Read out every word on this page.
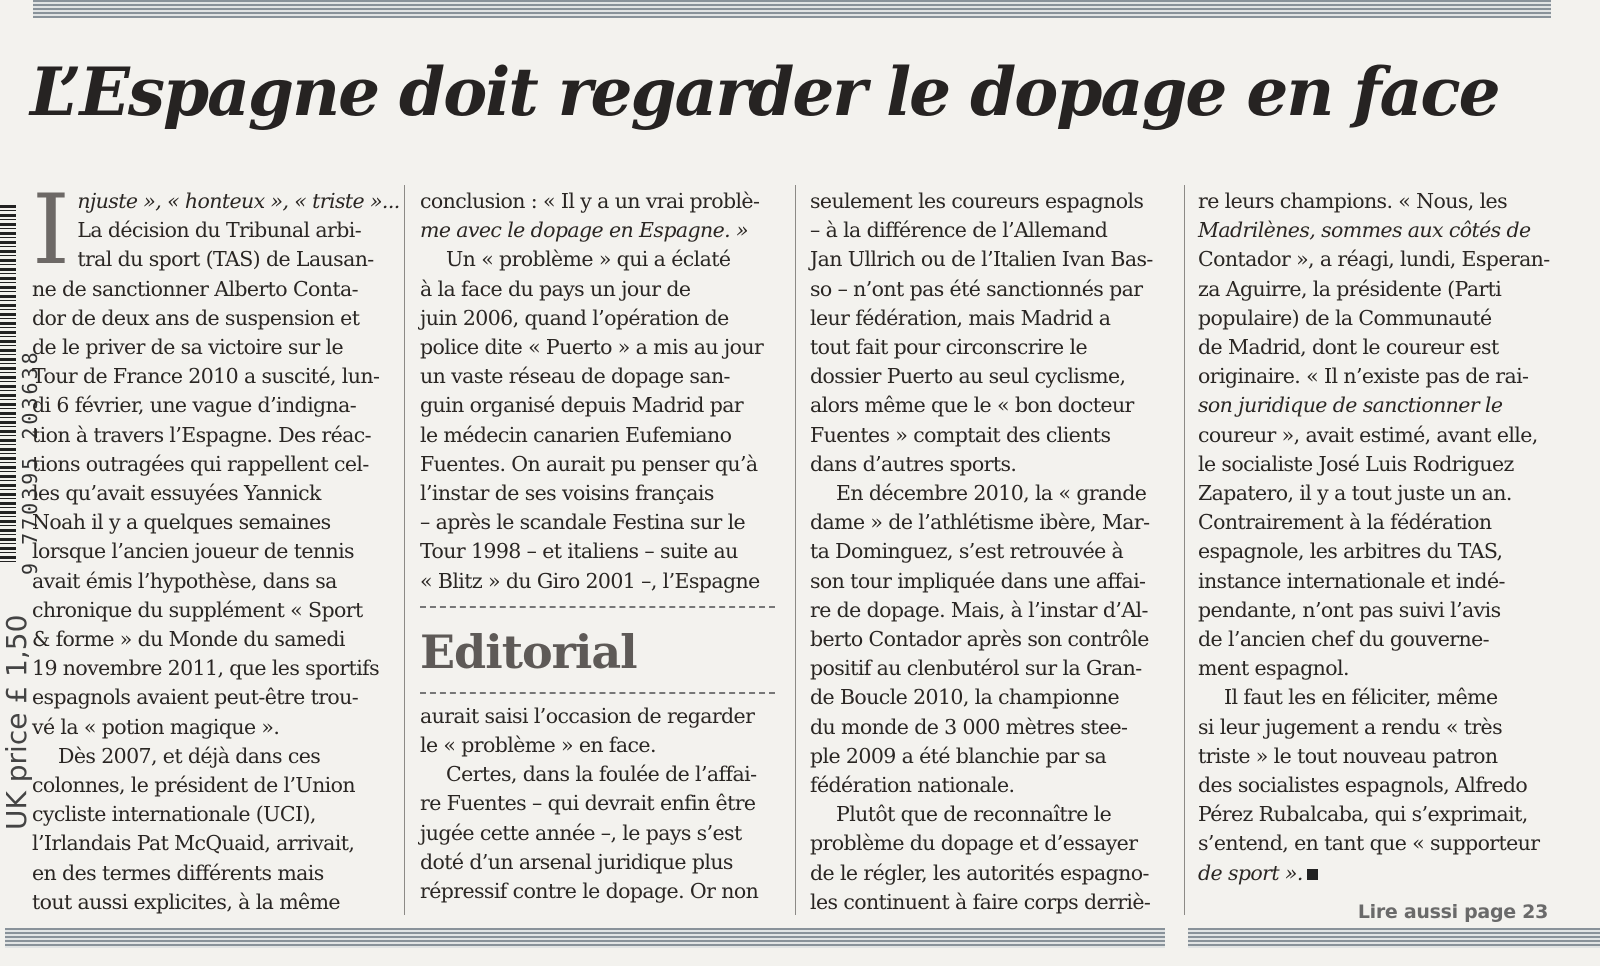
L’Espagne doit regarder le dopage en face
9 770395 203638
UK price £ 1,50

I njuste », « honteux », « triste »...
La décision du Tribunal arbi-
tral du sport (TAS) de Lausan-
ne de sanctionner Alberto Conta-
dor de deux ans de suspension et
de le priver de sa victoire sur le
Tour de France 2010 a suscité, lun-
di 6 février, une vague d’indigna-
tion à travers l’Espagne. Des réac-
tions outragées qui rappellent cel-
les qu’avait essuyées Yannick
Noah il y a quelques semaines
lorsque l’ancien joueur de tennis
avait émis l’hypothèse, dans sa
chronique du supplément « Sport
& forme » du Monde du samedi
19 novembre 2011, que les sportifs
espagnols avaient peut-être trou-
vé la « potion magique ».

Dès 2007, et déjà dans ces

colonnes, le président de l’Union
cycliste internationale (UCI),
l’Irlandais Pat McQuaid, arrivait,
en des termes différents mais
tout aussi explicites, à la même

conclusion : « Il y a un vrai problè-
me avec le dopage en Espagne. »

Un « problème » qui a éclaté
à la face du pays un jour de
juin 2006, quand l’opération de
police dite « Puerto » a mis au jour
un vaste réseau de dopage san-
guin organisé depuis Madrid par
le médecin canarien Eufemiano
Fuentes. On aurait pu penser qu’à
l’instar de ses voisins français
– après le scandale Festina sur le
Tour 1998 – et italiens – suite au
« Blitz » du Giro 2001 –, l’Espagne

Editorial

aurait saisi l’occasion de regarder
le « problème » en face.

Certes, dans la foulée de l’affai-
re Fuentes – qui devrait enfin être
jugée cette année –, le pays s’est
doté d’un arsenal juridique plus
répressif contre le dopage. Or non

seulement les coureurs espagnols
– à la différence de l’Allemand
Jan Ullrich ou de l’Italien Ivan Bas-
so – n’ont pas été sanctionnés par
leur fédération, mais Madrid a
tout fait pour circonscrire le
dossier Puerto au seul cyclisme,
alors même que le « bon docteur
Fuentes » comptait des clients
dans d’autres sports.

En décembre 2010, la « grande
dame » de l’athlétisme ibère, Mar-
ta Dominguez, s’est retrouvée à
son tour impliquée dans une affai-
re de dopage. Mais, à l’instar d’Al-
berto Contador après son contrôle
positif au clenbutérol sur la Gran-
de Boucle 2010, la championne
du monde de 3 000 mètres stee-
ple 2009 a été blanchie par sa
fédération nationale.

Plutôt que de reconnaître le
problème du dopage et d’essayer
de le régler, les autorités espagno-
les continuent à faire corps derriè-

re leurs champions. « Nous, les
Madrilènes, sommes aux côtés de
Contador », a réagi, lundi, Esperan-
za Aguirre, la présidente (Parti
populaire) de la Communauté
de Madrid, dont le coureur est
originaire. « Il n’existe pas de rai-
son juridique de sanctionner le
coureur », avait estimé, avant elle,
le socialiste José Luis Rodriguez
Zapatero, il y a tout juste un an.
Contrairement à la fédération
espagnole, les arbitres du TAS,
instance internationale et indé-
pendante, n’ont pas suivi l’avis
de l’ancien chef du gouverne-
ment espagnol.

Il faut les en féliciter, même
si leur jugement a rendu « très
triste » le tout nouveau patron
des socialistes espagnols, Alfredo
Pérez Rubalcaba, qui s’exprimait,
s’entend, en tant que « supporteur
de sport ».

Lire aussi page 23
